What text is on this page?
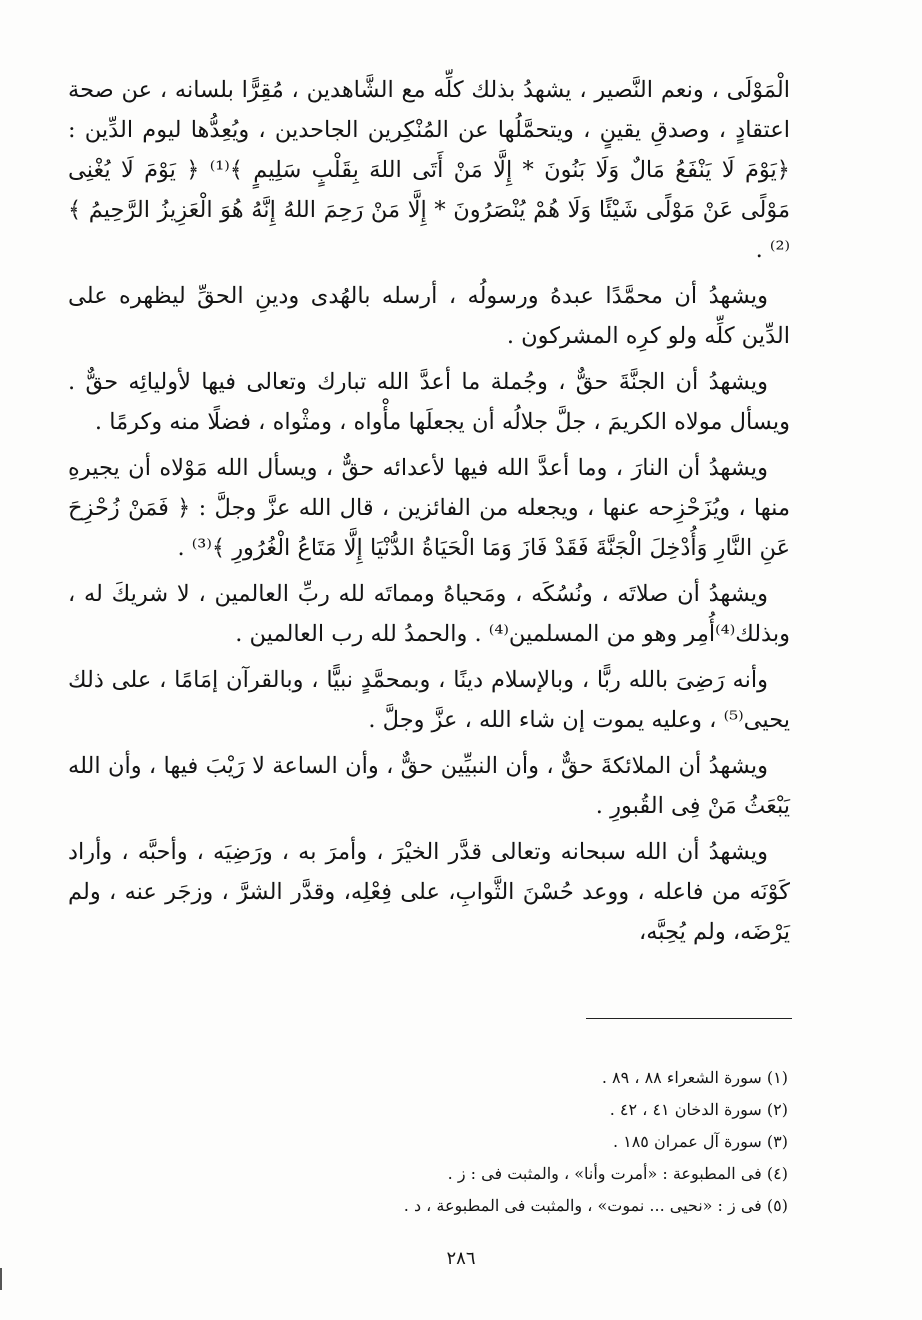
الْمَوْلَى ، ونعم النَّصير ، يشهدُ بذلك كلِّه مع الشَّاهدين ، مُقِرًّا بلسانه ، عن صحة اعتقادٍ ، وصدقِ يقينٍ ، ويتحمَّلُها عن المُنْكِرين الجاحدين ، ويُعِدُّها ليوم الدِّين : ﴿يَوْمَ لَا يَنْفَعُ مَالٌ وَلَا بَنُونَ * إِلَّا مَنْ أَتَى اللهَ بِقَلْبٍ سَلِيمٍ ﴾⁽¹⁾ ﴿ يَوْمَ لَا يُغْنِى مَوْلًى عَنْ مَوْلًى شَيْئًا وَلَا هُمْ يُنْصَرُونَ * إِلَّا مَنْ رَحِمَ اللهُ إِنَّهُ هُوَ الْعَزِيزُ الرَّحِيمُ ﴾⁽²⁾ .

ويشهدُ أن محمَّدًا عبدهُ ورسولُه ، أرسله بالهُدى ودينِ الحقِّ ليظهره على الدِّين كلِّه ولو كرِه المشركون .

ويشهدُ أن الجنَّةَ حقٌّ ، وجُملة ما أعدَّ الله تبارك وتعالى فيها لأوليائِه حقٌّ . ويسأل مولاه الكريمَ ، جلَّ جلالُه أن يجعلَها مأْواه ، ومثْواه ، فضلًا منه وكرمًا .

ويشهدُ أن النارَ ، وما أعدَّ الله فيها لأعدائه حقٌّ ، ويسأل الله مَوْلاه أن يجيرهِ منها ، ويُزَحْزِحه عنها ، ويجعله من الفائزين ، قال الله عزَّ وجلَّ : ﴿ فَمَنْ زُحْزِحَ عَنِ النَّارِ وَأُدْخِلَ الْجَنَّةَ فَقَدْ فَازَ وَمَا الْحَيَاةُ الدُّنْيَا إِلَّا مَتَاعُ الْغُرُورِ ﴾⁽³⁾ .

ويشهدُ أن صلاتَه ، ونُسُكَه ، ومَحياهُ ومماتَه لله ربِّ العالمين ، لا شريكَ له ، وبذلك⁽⁴⁾أُمِر وهو من المسلمين⁽⁴⁾ . والحمدُ لله رب العالمين .

وأنه رَضِىَ بالله ربًّا ، وبالإسلام دينًا ، وبمحمَّدٍ نبيًّا ، وبالقرآن إمَامًا ، على ذلك يحيى⁽⁵⁾ ، وعليه يموت إن شاء الله ، عزَّ وجلَّ .

ويشهدُ أن الملائكةَ حقٌّ ، وأن النبيِّين حقٌّ ، وأن الساعة لا رَيْبَ فيها ، وأن الله يَبْعَثُ مَنْ فِى القُبورِ .

ويشهدُ أن الله سبحانه وتعالى قدَّر الخيْرَ ، وأمرَ به ، ورَضِيَه ، وأحبَّه ، وأراد كَوْنَه من فاعله ، ووعد حُسْنَ الثَّوابِ، على فِعْلِه، وقدَّر الشرَّ ، وزجَر عنه ، ولم يَرْضَه، ولم يُحِبَّه،

(١) سورة الشعراء ٨٨ ، ٨٩ .
(٢) سورة الدخان ٤١ ، ٤٢ .
(٣) سورة آل عمران ١٨٥ .
(٤) فى المطبوعة : «أمرت وأنا» ، والمثبت فى : ز .
(٥) فى ز : «نحيى ... نموت» ، والمثبت فى المطبوعة ، د .
٢٨٦
